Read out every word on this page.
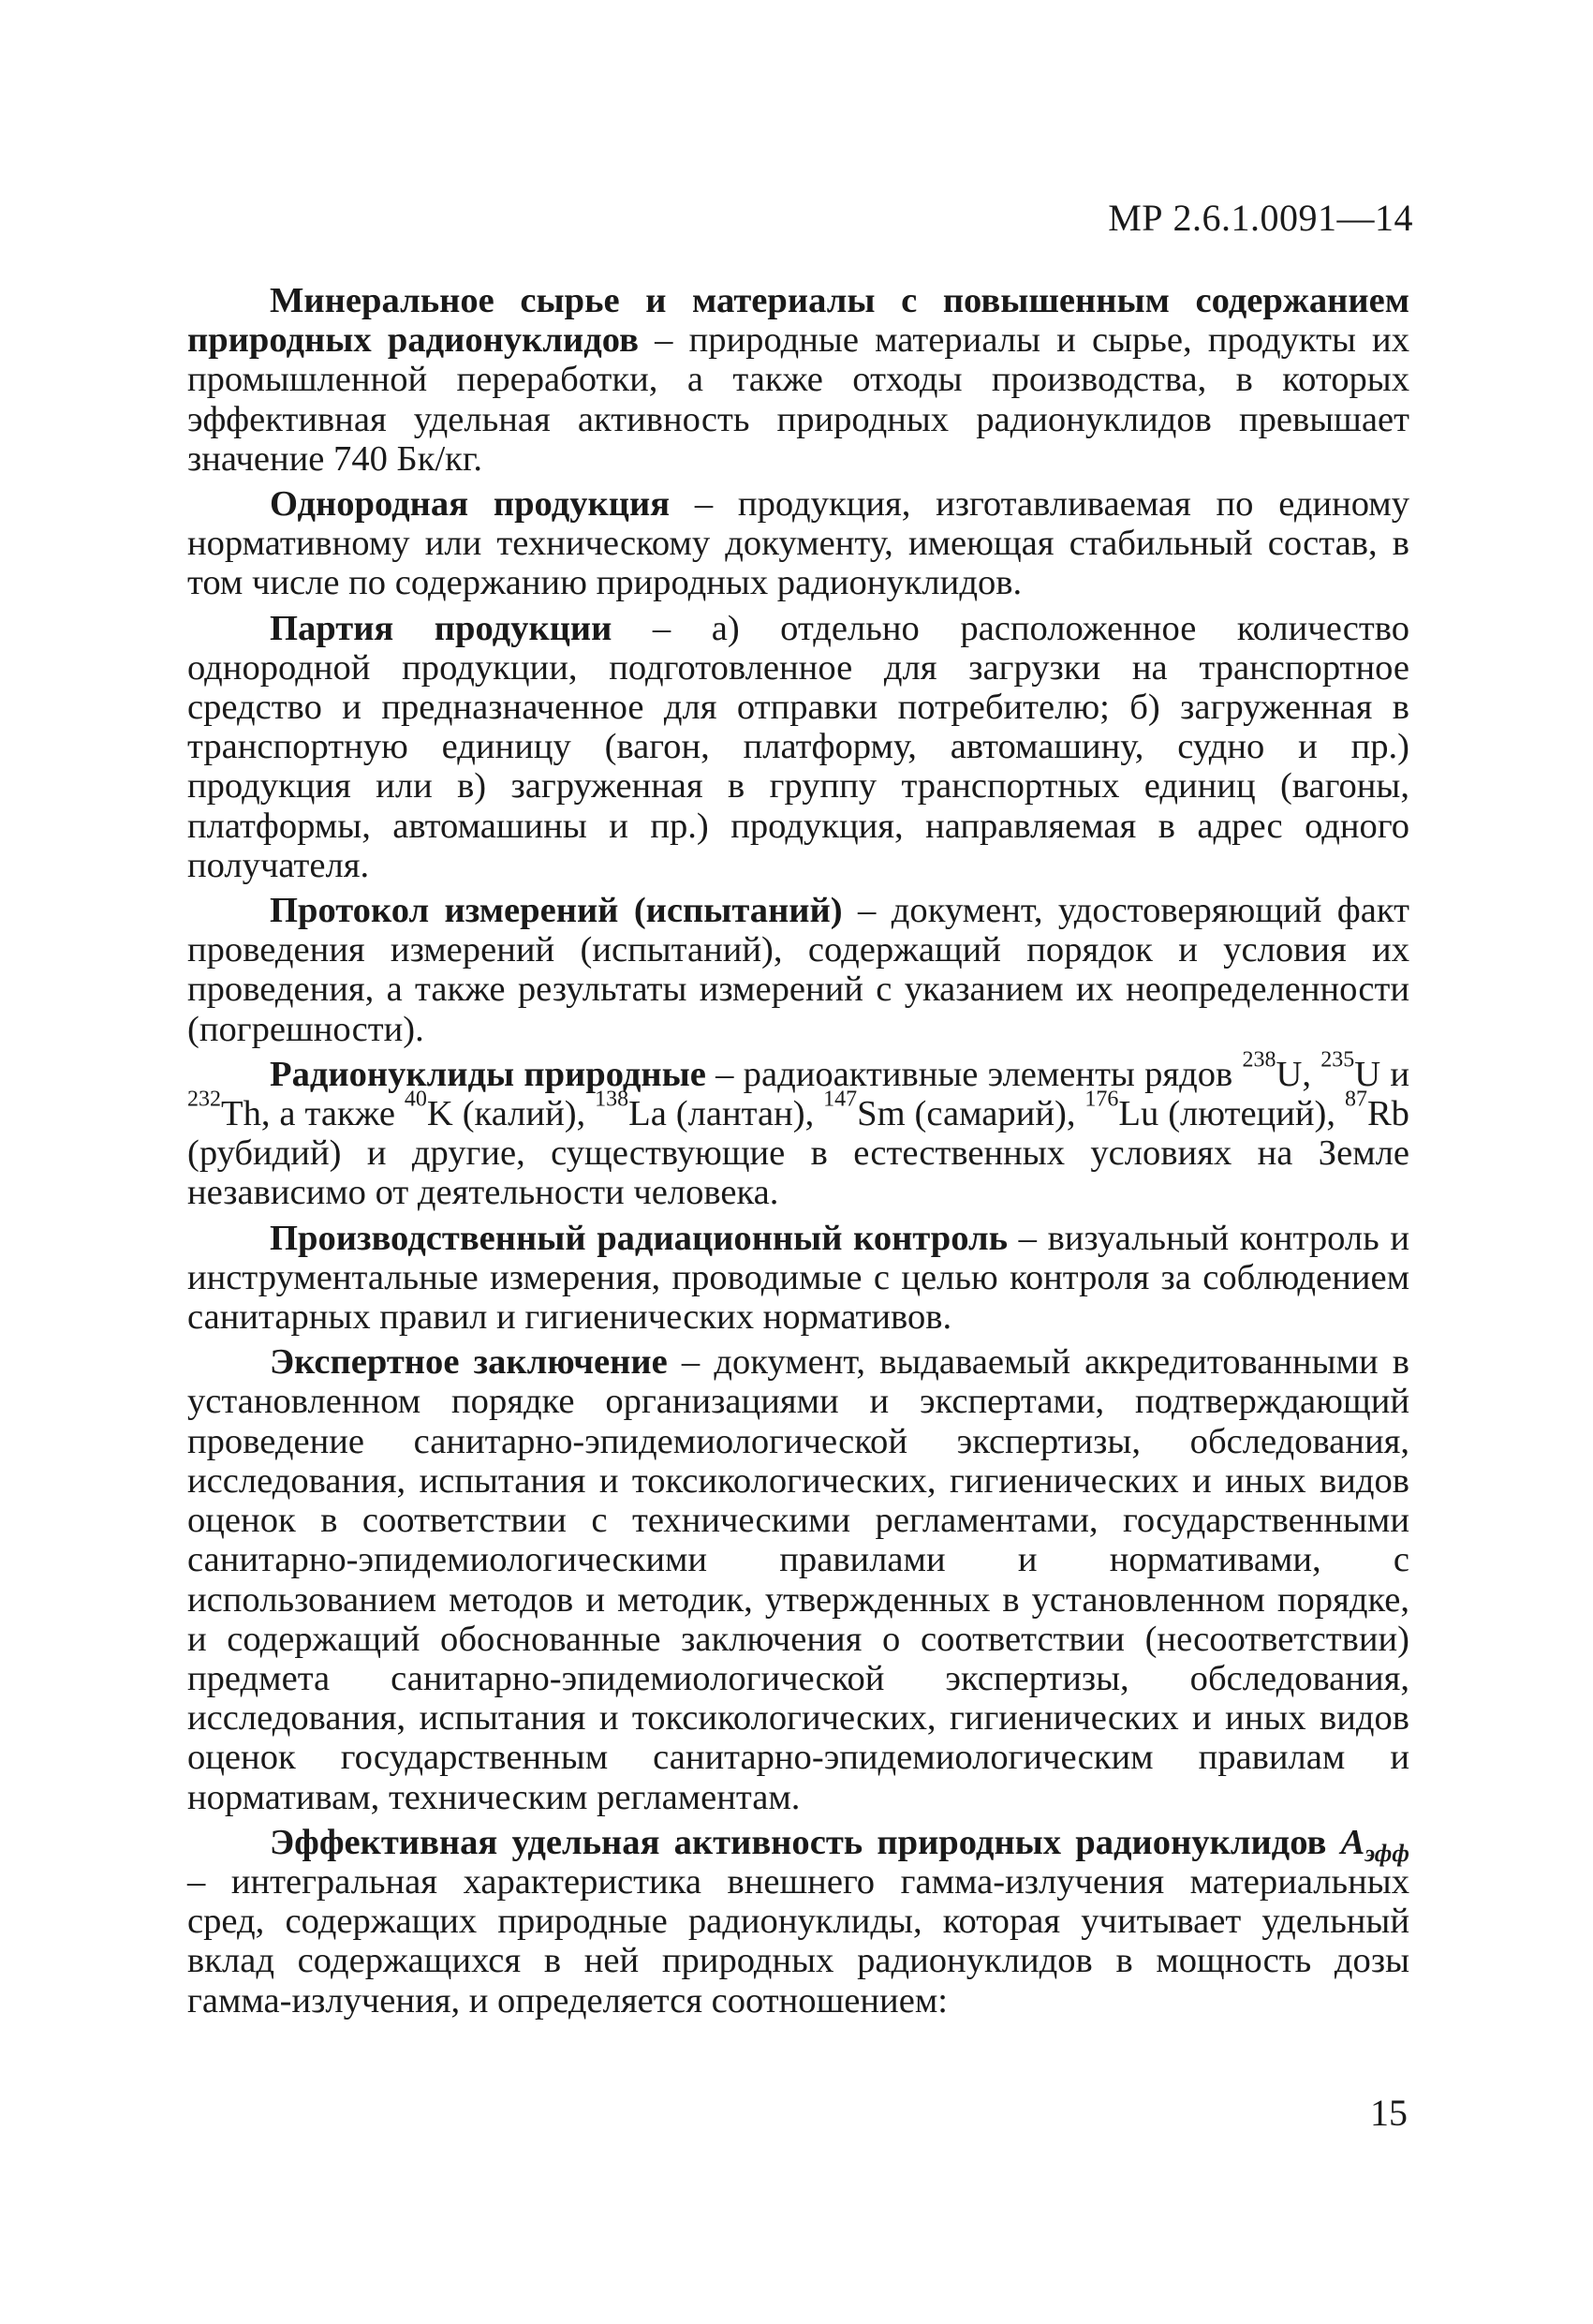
МР 2.6.1.0091—14

Минеральное сырье и материалы с повышенным содержанием природных радионуклидов – природные материалы и сырье, продукты их промышленной переработки, а также отходы производства, в которых эффективная удельная активность природных радионуклидов превышает значение 740 Бк/кг.

Однородная продукция – продукция, изготавливаемая по единому нормативному или техническому документу, имеющая стабильный состав, в том числе по содержанию природных радионуклидов.

Партия продукции – а) отдельно расположенное количество однородной продукции, подготовленное для загрузки на транспортное средство и предназначенное для отправки потребителю; б) загруженная в транспортную единицу (вагон, платформу, автомашину, судно и пр.) продукция или в) загруженная в группу транспортных единиц (вагоны, платформы, автомашины и пр.) продукция, направляемая в адрес одного получателя.

Протокол измерений (испытаний) – документ, удостоверяющий факт проведения измерений (испытаний), содержащий порядок и условия их проведения, а также результаты измерений с указанием их неопределенности (погрешности).

Радионуклиды природные – радиоактивные элементы рядов $^{238}$U, $^{235}$U и $^{232}$Th, а также $^{40}$K (калий), $^{138}$La (лантан), $^{147}$Sm (самарий), $^{176}$Lu (лютеций), $^{87}$Rb (рубидий) и другие, существующие в естественных условиях на Земле независимо от деятельности человека.

Производственный радиационный контроль – визуальный контроль и инструментальные измерения, проводимые с целью контроля за соблюдением санитарных правил и гигиенических нормативов.

Экспертное заключение – документ, выдаваемый аккредитованными в установленном порядке организациями и экспертами, подтверждающий проведение санитарно-эпидемиологической экспертизы, обследования, исследования, испытания и токсикологических, гигиенических и иных видов оценок в соответствии с техническими регламентами, государственными санитарно-эпидемиологическими правилами и нормативами, с использованием методов и методик, утвержденных в установленном порядке, и содержащий обоснованные заключения о соответствии (несоответствии) предмета санитарно-эпидемиологической экспертизы, обследования, исследования, испытания и токсикологических, гигиенических и иных видов оценок государственным санитарно-эпидемиологическим правилам и нормативам, техническим регламентам.

Эффективная удельная активность природных радионуклидов $А_{эфф}$ – интегральная характеристика внешнего гамма-излучения материальных сред, содержащих природные радионуклиды, которая учитывает удельный вклад содержащихся в ней природных радионуклидов в мощность дозы гамма-излучения, и определяется соотношением:

15
